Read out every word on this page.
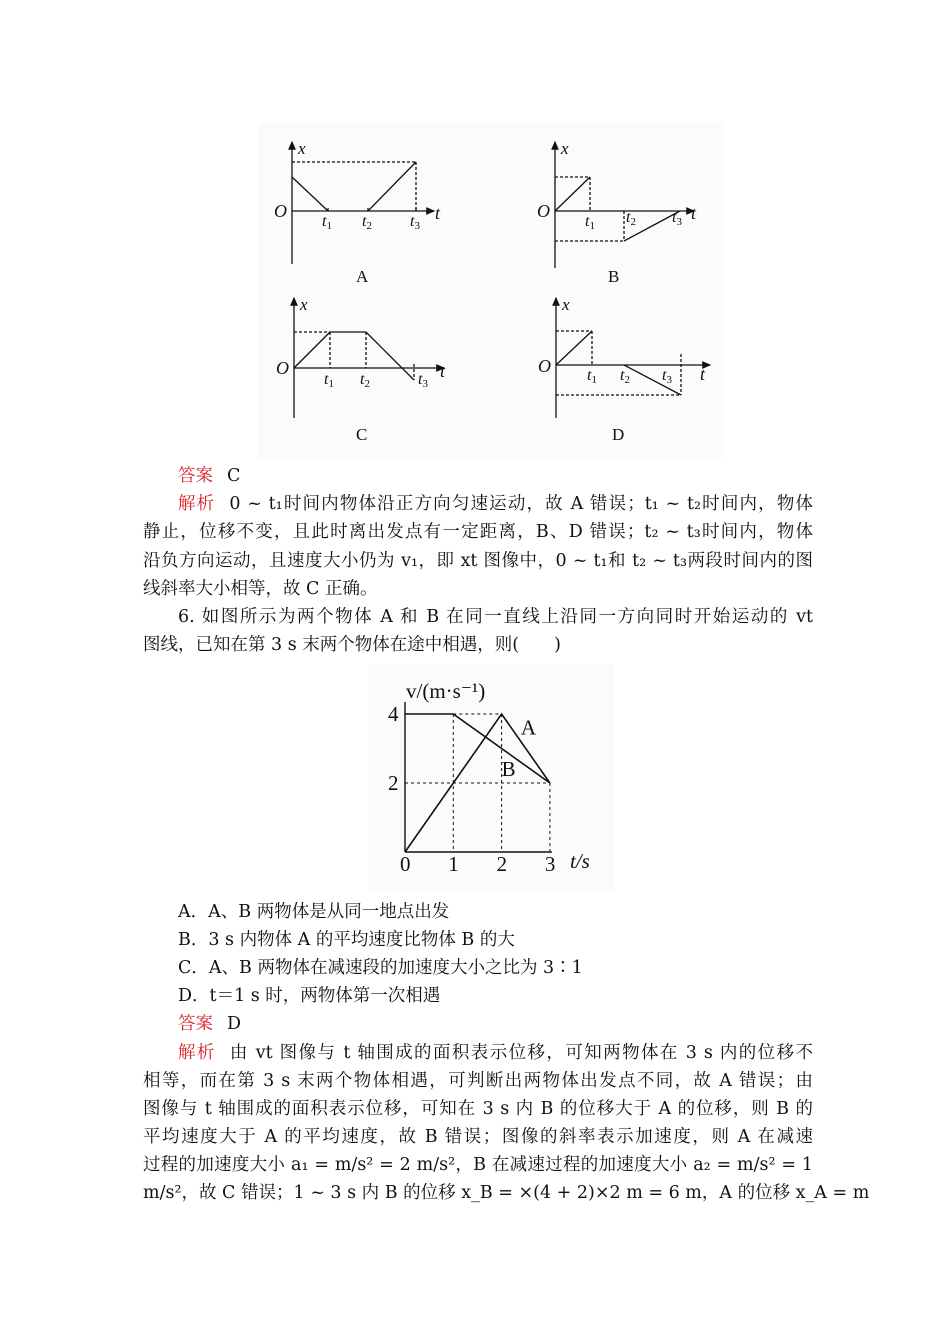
x
O	t
t1 t2 t3
A
x
O	t
t1 t2 t3
B
x
O	t
t1 t2	t3
C
x
O	t
t1 t2 t3
D
答案 C
解析 0 ~ t₁时间内物体沿正方向匀速运动，故 A 错误；t₁ ~ t₂时间内，物体
静止，位移不变，且此时离出发点有一定距离，B、D 错误；t₂ ~ t₃时间内，物体
沿负方向运动，且速度大小仍为 v₁，即 xt 图像中，0 ~ t₁和 t₂ ~ t₃两段时间内的图
线斜率大小相等，故 C 正确。
6. 如图所示为两个物体 A 和 B 在同一直线上沿同一方向同时开始运动的 vt
图线，已知在第 3 s 末两个物体在途中相遇，则(　　)
v/(m·s⁻¹)
t/s
A
B
0 1 2 3
2
4
A．A、B 两物体是从同一地点出发
B．3 s 内物体 A 的平均速度比物体 B 的大
C．A、B 两物体在减速段的加速度大小之比为 3∶1
D．t＝1 s 时，两物体第一次相遇
答案 D
解析 由 vt 图像与 t 轴围成的面积表示位移，可知两物体在 3 s 内的位移不
相等，而在第 3 s 末两个物体相遇，可判断出两物体出发点不同，故 A 错误；由
图像与 t 轴围成的面积表示位移，可知在 3 s 内 B 的位移大于 A 的位移，则 B 的
平均速度大于 A 的平均速度，故 B 错误；图像的斜率表示加速度，则 A 在减速
过程的加速度大小 a₁ = m/s² = 2 m/s²，B 在减速过程的加速度大小 a₂ = m/s² = 1
m/s²，故 C 错误；1 ~ 3 s 内 B 的位移 x_B = ×(4 + 2)×2 m = 6 m，A 的位移 x_A = m
